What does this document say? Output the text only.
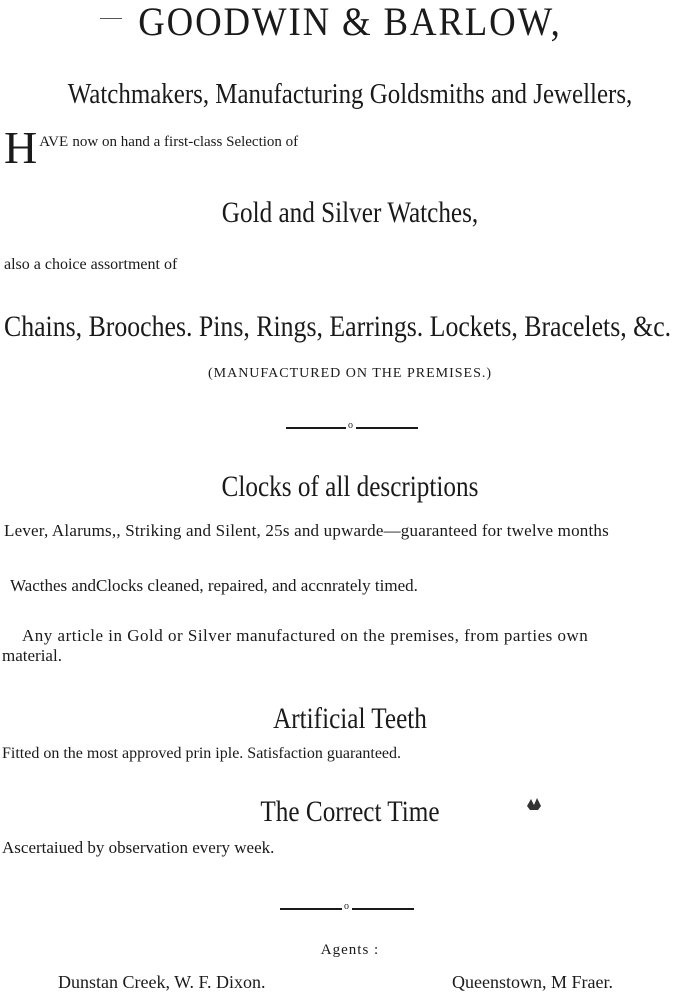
GOODWIN & BARLOW,
Watchmakers, Manufacturing Goldsmiths and Jewellers,
HAVE now on hand a first-class Selection of
Gold and Silver Watches,
also a choice assortment of
Chains, Brooches. Pins, Rings, Earrings. Lockets, Bracelets, &c.
(MANUFACTURED ON THE PREMISES.)
o
Clocks of all descriptions
Lever, Alarums,, Striking and Silent, 25s and upwarde—guaranteed for twelve months
Wacthes andClocks cleaned, repaired, and accnrately timed.
Any article in Gold or Silver manufactured on the premises, from parties own
material.
Artificial Teeth
Fitted on the most approved prin iple. Satisfaction guaranteed.
The Correct Time
Ascertaiued by observation every week.
o
Agents :
Dunstan Creek, W. F. Dixon.	Queenstown, M Fraer.
